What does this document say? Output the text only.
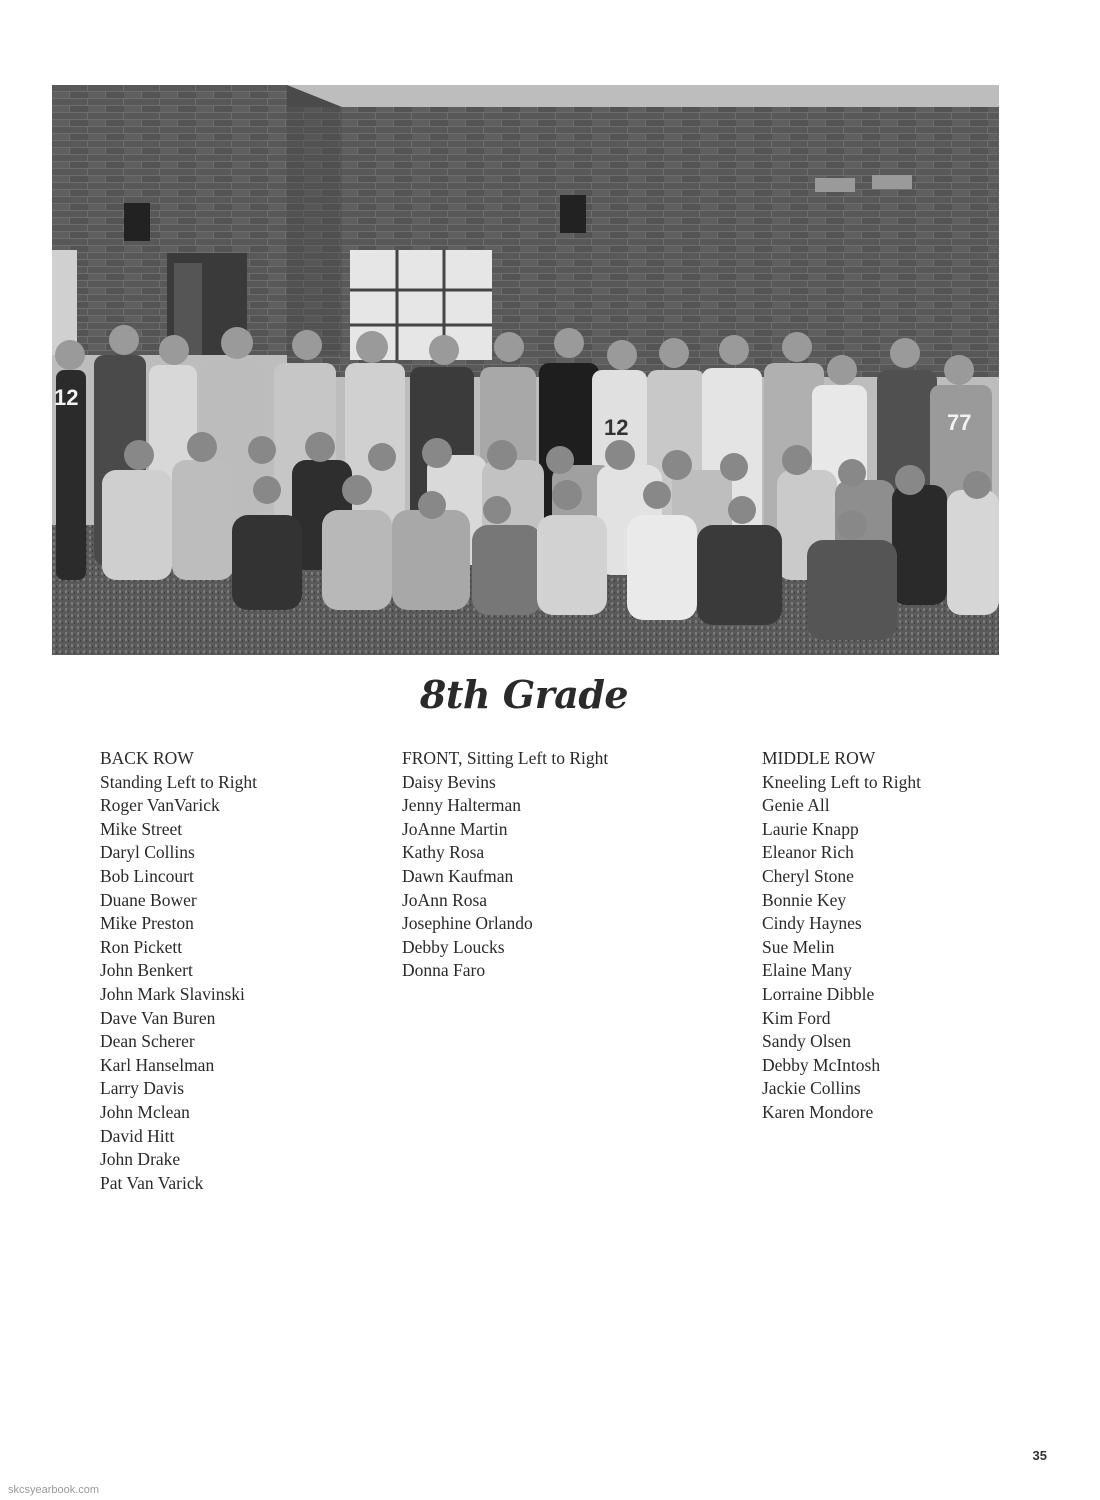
12
12	77
8th Grade
BACK ROW
Standing Left to Right
Roger VanVarick
Mike Street
Daryl Collins
Bob Lincourt
Duane Bower
Mike Preston
Ron Pickett
John Benkert
John Mark Slavinski
Dave Van Buren
Dean Scherer
Karl Hanselman
Larry Davis
John Mclean
David Hitt
John Drake
Pat Van Varick
FRONT, Sitting Left to Right
Daisy Bevins
Jenny Halterman
JoAnne Martin
Kathy Rosa
Dawn Kaufman
JoAnn Rosa
Josephine Orlando
Debby Loucks
Donna Faro
MIDDLE ROW
Kneeling Left to Right
Genie All
Laurie Knapp
Eleanor Rich
Cheryl Stone
Bonnie Key
Cindy Haynes
Sue Melin
Elaine Many
Lorraine Dibble
Kim Ford
Sandy Olsen
Debby McIntosh
Jackie Collins
Karen Mondore
35
skcsyearbook.com
